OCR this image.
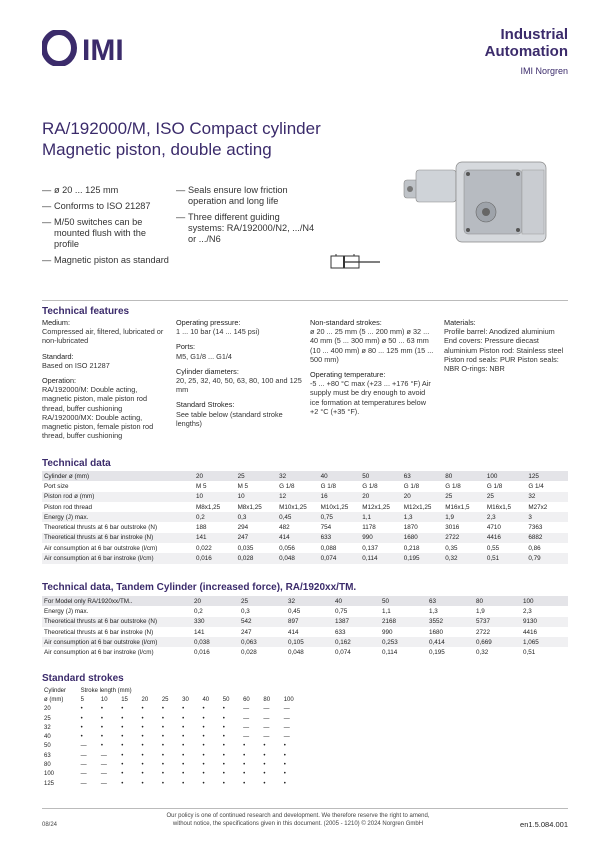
IMI	Industrial
Automation
IMI Norgren
RA/192000/M, ISO Compact cylinder
Magnetic piston, double acting
— ø 20 ... 125 mm
— Conforms to ISO 21287
— M/50 switches can be mounted flush with the profile
— Magnetic piston as standard
— Seals ensure low friction operation and long life
— Three different guiding systems: RA/192000/N2, .../N4 or .../N6
Technical features
Medium:
Compressed air, filtered, lubricated or non-lubricated
Standard:
Based on ISO 21287
Operation:
RA/192000/M: Double acting, magnetic piston, male piston rod thread, buffer cushioning RA/192000/MX: Double acting, magnetic piston, female piston rod thread, buffer cushioning
Operating pressure:
1 ... 10 bar (14 ... 145 psi)
Ports:
M5, G1/8 ... G1/4
Cylinder diameters:
20, 25, 32, 40, 50, 63, 80, 100 and 125 mm
Standard Strokes:
See table below (standard stroke lengths)
Non-standard strokes:
ø 20 ... 25 mm (5 ... 200 mm) ø 32 ... 40 mm (5 ... 300 mm) ø 50 ... 63 mm (10 ... 400 mm) ø 80 ... 125 mm (15 ... 500 mm)
Operating temperature:
-5 ... +80 °C max (+23 ... +176 °F) Air supply must be dry enough to avoid ice formation at temperatures below +2 °C (+35 °F).
Materials:
Profile barrel: Anodized aluminium End covers: Pressure diecast aluminium Piston rod: Stainless steel Piston rod seals: PUR Piston seals: NBR O-rings: NBR
Technical data
Cylinder ø (mm)	20	25	32	40	50	63	80	100	125
Port size	M 5	M 5	G 1/8	G 1/8	G 1/8	G 1/8	G 1/8	G 1/8	G 1/4
Piston rod ø (mm)	10	10	12	16	20	20	25	25	32
Piston rod thread	M8x1,25	M8x1,25	M10x1,25	M10x1,25	M12x1,25	M12x1,25	M16x1,5	M16x1,5	M27x2
Energy (J) max.	0,2	0,3	0,45	0,75	1,1	1,3	1,9	2,3	3
Theoretical thrusts at 6 bar outstroke (N)	188	294	482	754	1178	1870	3016	4710	7363
Theoretical thrusts at 6 bar instroke (N)	141	247	414	633	990	1680	2722	4416	6882
Air consumption at 6 bar outstroke (l/cm)	0,022	0,035	0,056	0,088	0,137	0,218	0,35	0,55	0,86
Air consumption at 6 bar instroke (l/cm)	0,016	0,028	0,048	0,074	0,114	0,195	0,32	0,51	0,79
Technical data, Tandem Cylinder (increased force), RA/1920xx/TM.
For Model only RA/1920xx/TM..	20	25	32	40	50	63	80	100
Energy (J) max.	0,2	0,3	0,45	0,75	1,1	1,3	1,9	2,3
Theoretical thrusts at 6 bar outstroke (N)	330	542	897	1387	2168	3552	5737	9130
Theoretical thrusts at 6 bar instroke (N)	141	247	414	633	990	1680	2722	4416
Air consumption at 6 bar outstroke (l/cm)	0,038	0,063	0,105	0,162	0,253	0,414	0,669	1,065
Air consumption at 6 bar instroke (l/cm)	0,016	0,028	0,048	0,074	0,114	0,195	0,32	0,51
Standard strokes
Cylinder	Stroke length (mm)										
ø (mm)	5	10	15	20	25	30	40	50	60	80	100
20	•	•	•	•	•	•	•	•	—	—	—
25	•	•	•	•	•	•	•	•	—	—	—
32	•	•	•	•	•	•	•	•	—	—	—
40	•	•	•	•	•	•	•	•	—	—	—
50	—	•	•	•	•	•	•	•	•	•	•
63	—	—	•	•	•	•	•	•	•	•	•
80	—	—	•	•	•	•	•	•	•	•	•
100	—	—	•	•	•	•	•	•	•	•	•
125	—	—	•	•	•	•	•	•	•	•	•
Our policy is one of continued research and development. We therefore reserve the right to amend,
without notice, the specifications given in this document. (2005 - 1210) © 2024 Norgren GmbH
08/24	en1.5.084.001
